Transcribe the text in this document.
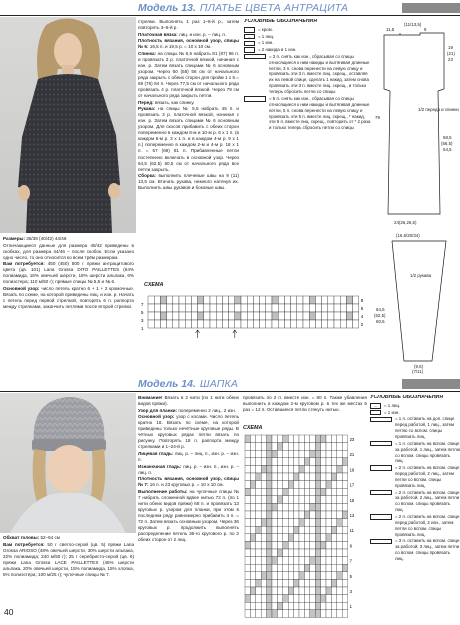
Модель 13. ПЛАТЬЕ ЦВЕТА АНТРАЦИТА

Размеры: 36/38 (40/42) 44/46

Отличающиеся данные для размера 40/42 приведены в скобках, для размера 44/46 – после скобок. Если указано одно число, то оно относится ко всем трём размерам.

Вам потребуется: 450 (450) 500 г пряжи антрацитового цвета (цв. 101) Lana Grossa DITO PAILLETTES (64% полиамида, 18% овечьей шерсти, 18% шерсти альпака, 6% полиэстера; 110 м/50 г); прямые спицы № 5,5 и № 6.

Основной узор: число петель кратно 6 + 1 + 2 кромочные. Вязать по схеме, на которой приведены лиц. и изн. р. Начать с петель перед первой стрелкой, повторять 6 п. раппорта между стрелками, закончить петлями после второй стрелки.

стрелки. Выполнять 1 раз 1–8-й р., затем повторять 3–8-й р.

Платочная вязка: лиц. и изн. р. – лиц. п.

Плотность вязания, основной узор, спицы № 6: 16,5 п. и 19,5 р. = 10 х 10 см.

Спинка: на спицы № 5,5 набрать 81 (87) 96 п. и провязать 3 р. платочной вязкой, начиная с изн. р. Затем вязать спицами № 6 основным узором. Через 60 (58) 56 см от начального ряда закрыть с обеих сторон для пройм 1 х 6 = 69 (75) 84 п. Через 77,5 см от начального ряда провязать 4 р. платочной вязкой. Через 79 см от начального ряда закрыть петли.

Перед: вязать, как спинку.

Рукава: на спицы № 5,5 набрать 45 п. и провязать 3 р. платочной вязкой, начиная с изн. р. Затем вязать спицами № 6 основным узором. Для скосов прибавить с обеих сторон попеременно в каждом 8-м и 10-м р. 6 х 1 п. (в каждом 6-м р. 3 х 1 п. и в каждом 4-м р. 9 х 1 п.) попеременно в каждом 2-м и 4-м р. 18 х 1 п. = 57 (69) 81 п. Прибавленные петли постепенно включать в основной узор. Через 64,5 (62,5) 60,5 см от начального ряда все петли закрыть.

Сборка: выполнить плечевые швы на 9 (11) 13,5 см. Втачать рукава, немного натянув их. Выполнить швы рукавов и боковые швы.

УСЛОВНЫЕ ОБОЗНАЧЕНИЯ
= кром.
–	= 1 лиц.
= 1 изн.
= 2 накида и 1 изн.
= 3 п. снять как изн., сбрасывая со спицы относящиеся к ним накиды и вытягивая длинные петли, 3 п. снова перенести на левую спицу и провязать эти 3 п. вместе лиц. скрещ., оставляя их на левой спице, сделать 1 накид, затем снова провязать эти 3 п. вместе лиц. скрещ., и только теперь сбросить петли со спицы
= 5 п. снять как изн., сбрасывая со спицы относящиеся к ним накиды и вытягивая длинные петли, 5 п. снова перенести на левую спицу и провязать эти 5 п. вместе лиц. скрещ., * накид, эти 5 п. вместе лиц. скрещ., повторить от * 2 раза и только теперь сбросить петли со спицы
(11/13,5)
11,5	9
19
(21)
23
79
1/2 переда и спинки
58,5
(56,5)
54,5
24(26,26,5)
(16,5/20/34)
1/2 рукава
64,5
(62,5)
60,5
(9,5)
(7/11)
СХЕМА
8
6
4
2
7
5
3
1
Модель 14. ШАПКА

Обхват головы: 52–54 см

Вам потребуется: 50 г светло-серой (цв. 5) пряжи Lana Grossa ARIOSO (48% овечьей шерсти, 30% шерсти альпака, 22% полиамида; 240 м/50 г); 25 г серебристо-серой (цв. 6) пряжи Lana Grossa LACE PAILLETTES (45% шерсти альпака, 20% овечьей шерсти, 15% полиамида, 15% хлопка, 5% полиэстера; 100 м/25 г); чулочные спицы № 7.

Внимание! Вязать в 2 нити (по 1 нити обеих видов пряжи).

Узор для планки: попеременно 2 лиц., 2 изн.

Основной узор: узор с косами. Число петель кратно 18. Вязать по схеме, на которой приведены только нечётные круговые ряды. В чётных круговых рядах петли вязать по рисунку. Повторять 18 п. раппорта между стрелками и 1–24-й р.

Лицевая гладь: лиц. р. – лиц. п., изн. р. – изн. п.

Изнаночная гладь: лиц. р. – изн. п., изн. р. – лиц. п.

Плотность вязания, основной узор, спицы № 7: 16 п. и 23 круговых р. = 10 х 10 см.

Выполнение работы: на чулочные спицы № 7 набрать сложенной вдвое нитью 72 п. (по 1 нити обеих видов пряжи) 68 п. и провязать 13 круговых р. узором для планки, при этом в последнем ряду равномерно прибавить 4 п. = 72 п. Затем вязать основным узором. Через 36 круговых р. продолжить выполнять распределение петель 36-го кругового р. по 2 обеих сторон от 2 лиц.

провязать по 2 п. вместе изн. = 60 п. Также убавления выполнить в каждом 2-м круговом р. в тех же местах 6 раз = 12 п. Оставшиеся петли стянуть нитью.

СХЕМА
23
21
19
17
15
13
11
9
7
5
3
1
УСЛОВНЫЕ ОБОЗНАЧЕНИЯ
–	= 1 лиц.
= 1 изн.
= 1 п. оставить на доп. спице перед работой, 1 лиц., затем петлю со вспом. спицы провязать лиц.
= 1 п. оставить на вспом. спице за работой, 1 лиц., затем петлю со вспом. спицы провязать лиц.
= 2 п. оставить на вспом. спице перед работой, 2 лиц., затем петли со вспом. спицы провязать лиц.
= 2 п. оставить на вспом. спице за работой, 2 лиц., затем петли со вспом. спицы провязать лиц.
= 2 п. оставить на вспом. спице перед работой, 2 изн., затем петли со вспом. спицы провязать лиц.
= 3 п. оставить на вспом. спице за работой, 3 лиц., затем петли со вспом. спицы провязать лиц.
40
